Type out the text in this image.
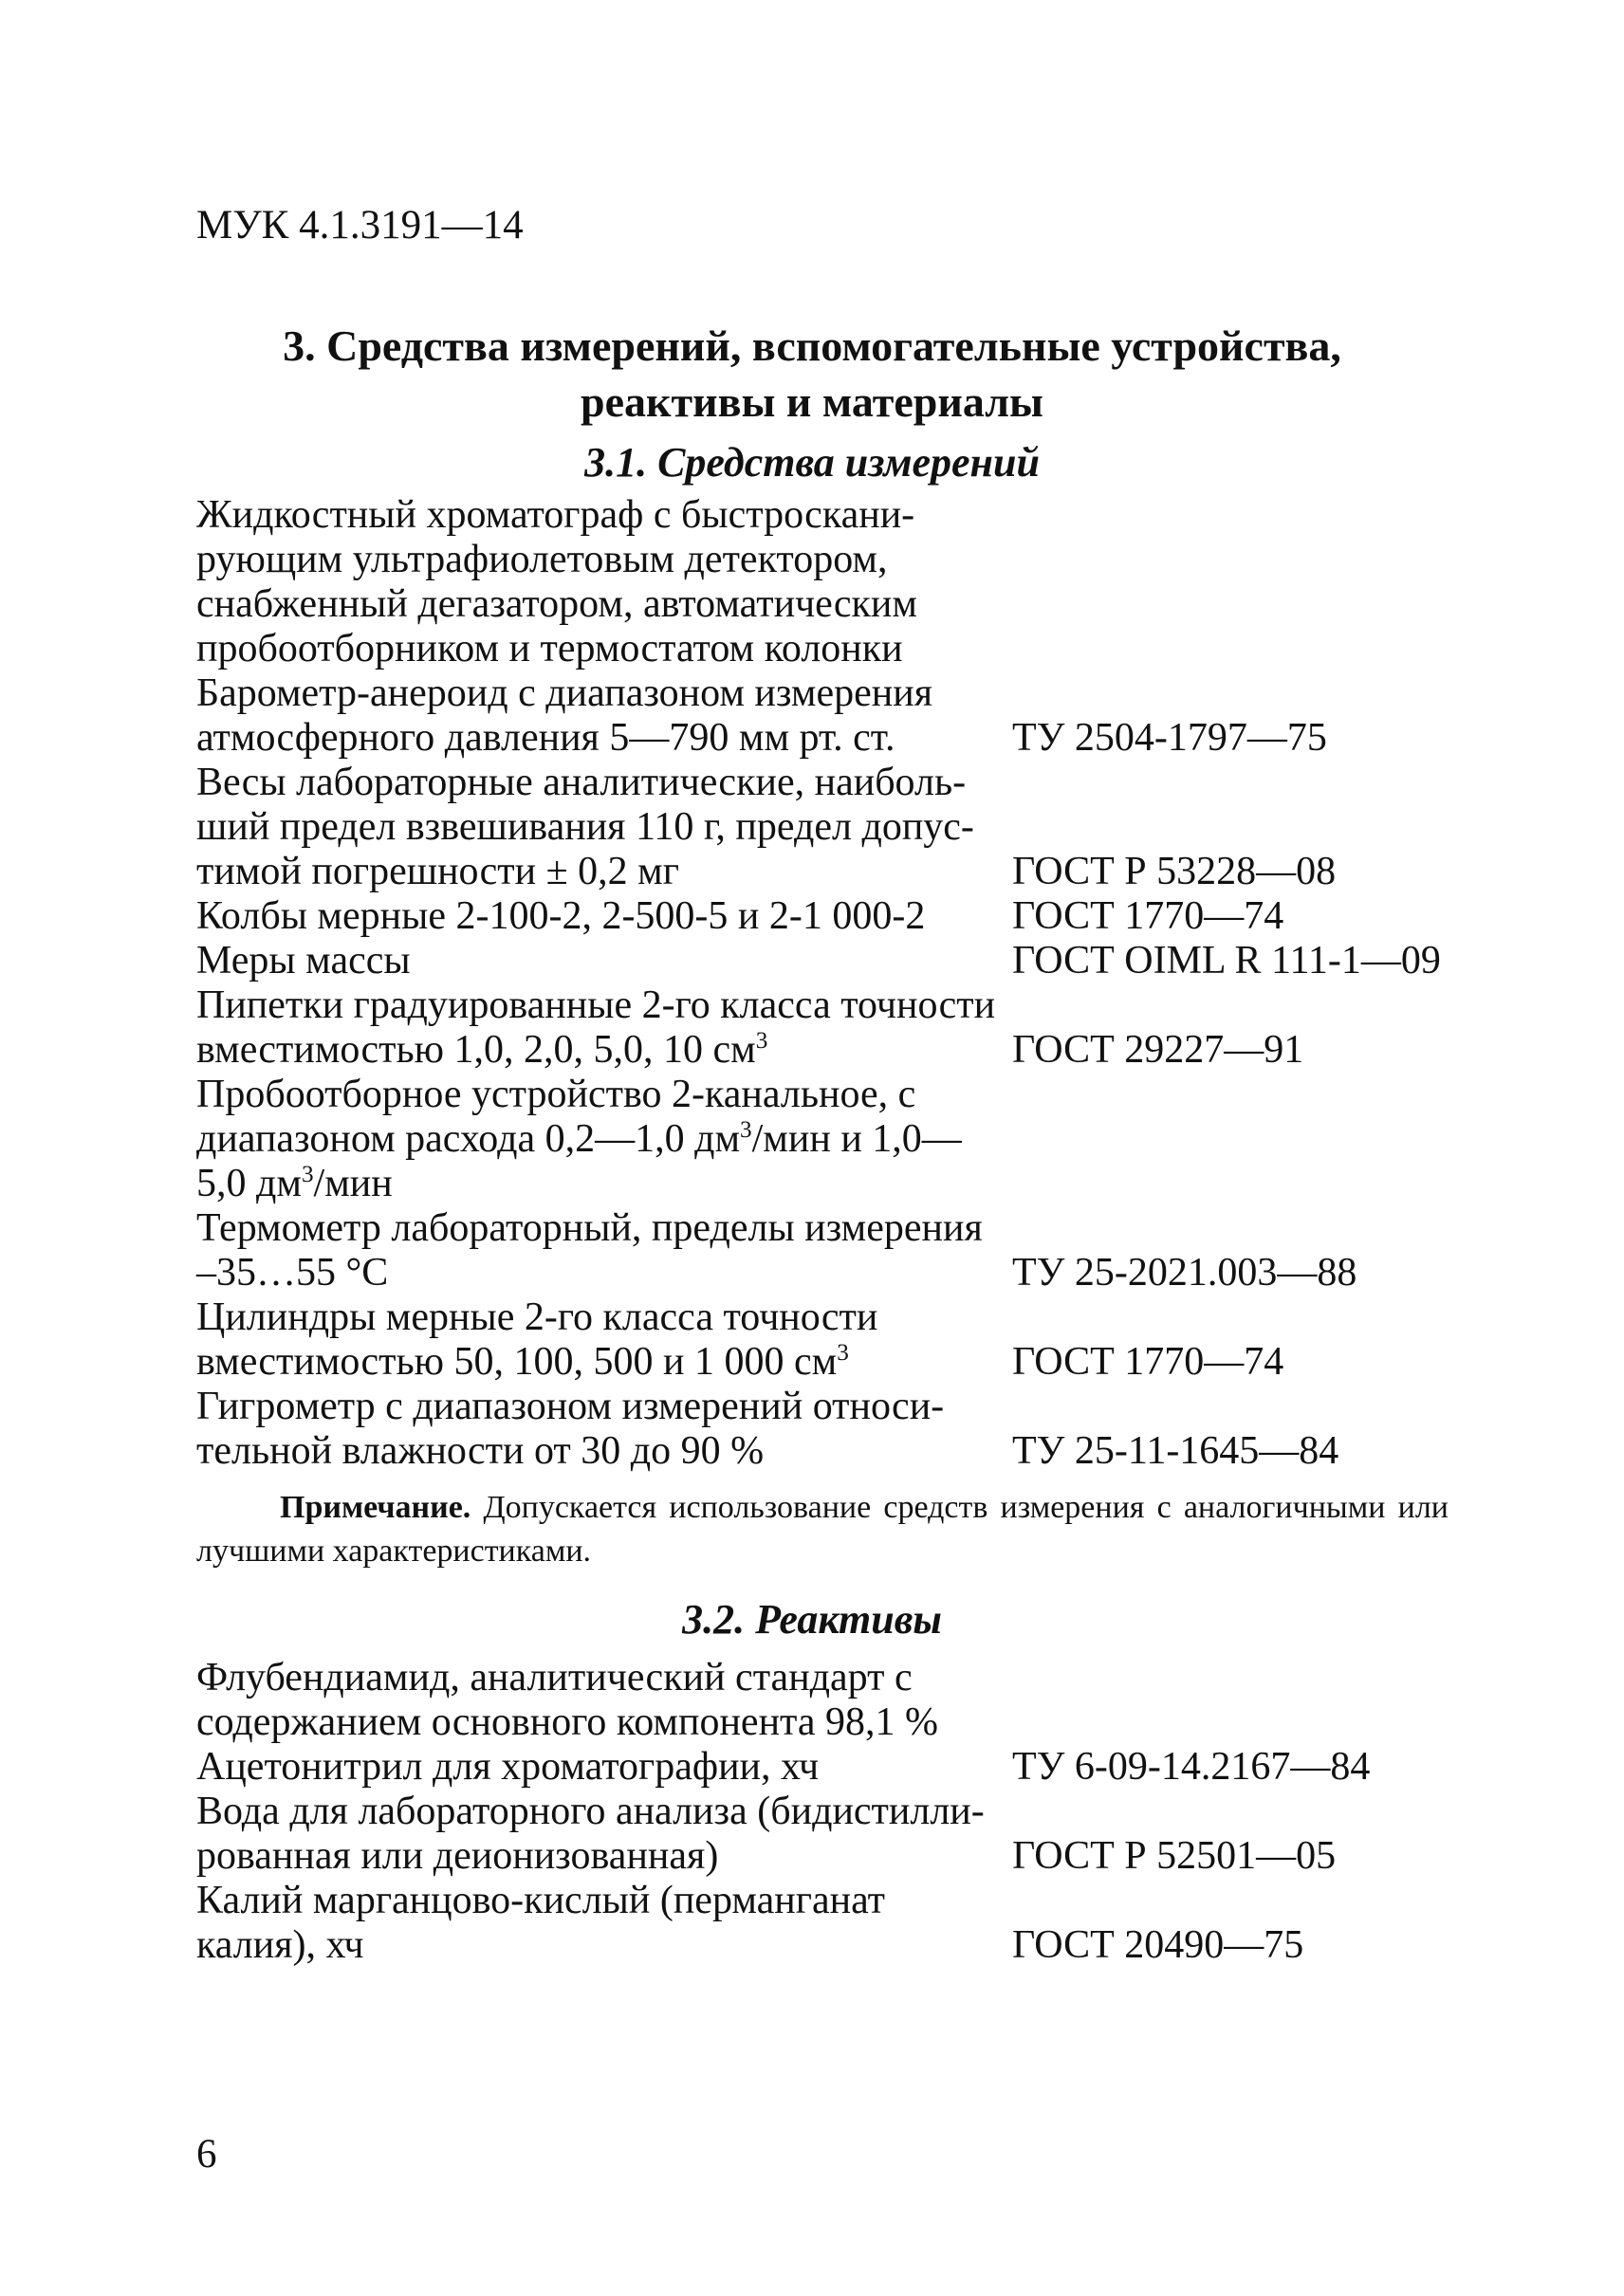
МУК 4.1.3191—14
3. Средства измерений, вспомогательные устройства,
реактивы и материалы
3.1. Средства измерений
Жидкостный хроматограф с быстроскани-
рующим ультрафиолетовым детектором,
снабженный дегазатором, автоматическим
пробоотборником и термостатом колонки
Барометр-анероид с диапазоном измерения
атмосферного давления 5—790 мм рт. ст.	ТУ 2504-1797—75
Весы лабораторные аналитические, наиболь-
ший предел взвешивания 110 г, предел допус-
тимой погрешности ± 0,2 мг	ГОСТ Р 53228—08
Колбы мерные 2-100-2, 2-500-5 и 2-1 000-2 ГОСТ 1770—74
Меры массы	ГОСТ OIML R 111-1—09
Пипетки градуированные 2-го класса точности
вместимостью 1,0, 2,0, 5,0, 10 $см^3$	ГОСТ 29227—91
Пробоотборное устройство 2-канальное, с
диапазоном расхода 0,2—1,0 $дм^3$/мин и 1,0—
5,0 $дм^3$/мин
Термометр лабораторный, пределы измерения
–35…55 °С	ТУ 25-2021.003—88
Цилиндры мерные 2-го класса точности
вместимостью 50, 100, 500 и 1 000 $см^3$	ГОСТ 1770—74
Гигрометр с диапазоном измерений относи-
тельной влажности от 30 до 90 %	ТУ 25-11-1645—84
Примечание. Допускается использование средств измерения с аналогичными или лучшими характеристиками.
3.2. Реактивы
Флубендиамид, аналитический стандарт с
содержанием основного компонента 98,1 %
Ацетонитрил для хроматографии, хч	ТУ 6-09-14.2167—84
Вода для лабораторного анализа (бидистилли-
рованная или деионизованная)	ГОСТ Р 52501—05
Калий марганцово-кислый (перманганат
калия), хч	ГОСТ 20490—75
6
